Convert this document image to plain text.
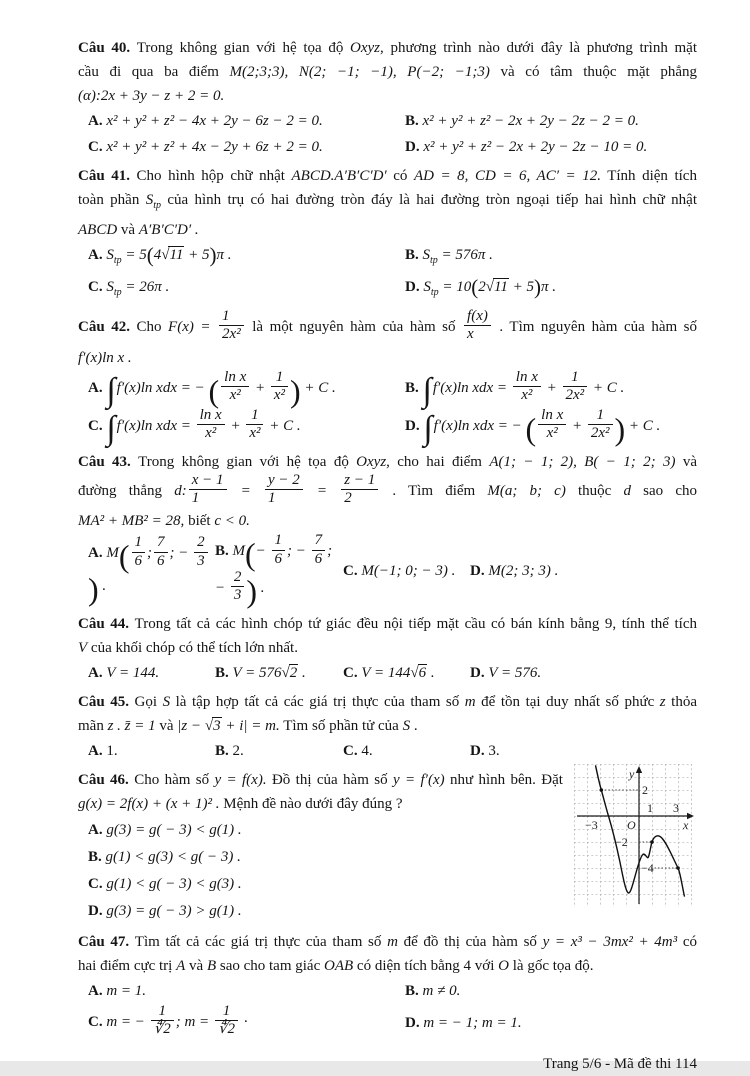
Câu 40. Trong không gian với hệ tọa độ Oxyz, phương trình nào dưới đây là phương trình mặt
cầu đi qua ba điểm M(2;3;3), N(2; −1; −1), P(−2; −1;3) và có tâm thuộc mặt phẳng
(α):2x + 3y − z + 2 = 0.
A. x² + y² + z² − 4x + 2y − 6z − 2 = 0.	B. x² + y² + z² − 2x + 2y − 2z − 2 = 0.
C. x² + y² + z² + 4x − 2y + 6z + 2 = 0.	D. x² + y² + z² − 2x + 2y − 2z − 10 = 0.
Câu 41. Cho hình hộp chữ nhật ABCD.A′B′C′D′ có AD = 8, CD = 6, AC′ = 12. Tính diện tích
toàn phần $S_{tp}$ của hình trụ có hai đường tròn đáy là hai đường tròn ngoại tiếp hai hình chữ nhật
ABCD và A′B′C′D′ .
A. $S_{tp} = 5(4√11 + 5)\pi$ .	B. $S_{tp} = 576\pi$ .
C. $S_{tp} = 26\pi$ .	D. $S_{tp} = 10(2√11 + 5)\pi$ .
Câu 42. Cho $F(x) = \frac{1}{\text{2x²}}$ là một nguyên hàm của hàm số $\frac{f(x)}{x}$ . Tìm nguyên hàm của hàm số
f′(x)ln x .
A. ∫f′(x)ln xdx = − ( $\frac{\text{ln x}}{\text{x²}} + \frac{1}{\text{x²}}$ ) + C .	B. ∫f′(x)ln xdx = $\frac{\text{ln x}}{\text{x²}} + \frac{1}{\text{2x²}} + C$ .
C. ∫f′(x)ln xdx = $\frac{\text{ln x}}{\text{x²}} + \frac{1}{\text{x²}} + C$ .	D. ∫f′(x)ln xdx = − ( $\frac{\text{ln x}}{\text{x²}} + \frac{1}{\text{2x²}}$ ) + C .
Câu 43. Trong không gian với hệ tọa độ Oxyz, cho hai điểm A(1; − 1; 2), B( − 1; 2; 3) và
đường thẳng d: $\frac{x - 1}{1} = \frac{y - 2}{1} = \frac{z - 1}{2}$ . Tìm điểm M(a; b; c) thuộc d sao cho
MA² + MB² = 28, biết c < 0.
A. $M( \frac{1}{6}$ ; $\frac{7}{6}$ ; − $\frac{2}{3}$
) .
B. $M(- \frac{1}{6}$ ; − $\frac{7}{6}$ ; − $\frac{2}{3}$ ) .
C. M(−1; 0; − 3) . D. M(2; 3; 3) .
Câu 44. Trong tất cả các hình chóp tứ giác đều nội tiếp mặt cầu có bán kính bằng 9, tính thể tích
V của khối chóp có thể tích lớn nhất.
A. V = 144.	B. V = 576√2 .	C. V = 144√6 .	D. V = 576.
Câu 45. Gọi S là tập hợp tất cả các giá trị thực của tham số m để tồn tại duy nhất số phức z thỏa
mãn z . z̄ = 1 và |z − √3 + i| = m. Tìm số phần tử của S .
A. 1.	B. 2.	C. 4.	D. 3.
y
x
O
2
1 3
−3
−2
−4
Câu 46. Cho hàm số y = f(x). Đồ thị của hàm số y = f′(x) như hình bên. Đặt
g(x) = 2f(x) + (x + 1)² . Mệnh đề nào dưới đây đúng ?
A. g(3) = g( − 3) < g(1) .
B. g(1) < g(3) < g( − 3) .
C. g(1) < g( − 3) < g(3) .
D. g(3) = g( − 3) > g(1) .
Câu 47. Tìm tất cả các giá trị thực của tham số m để đồ thị của hàm số y = x³ − 3mx² + 4m³ có
hai điểm cực trị A và B sao cho tam giác OAB có diện tích bằng 4 với O là gốc tọa độ.
A. m = 1.	B. m ≠ 0.
C. m = − $\frac{1}{∜2}$ ; $m = \frac{1}{∜2}$ ·	D. m = − 1; m = 1.
Trang 5/6 - Mã đề thi 114
